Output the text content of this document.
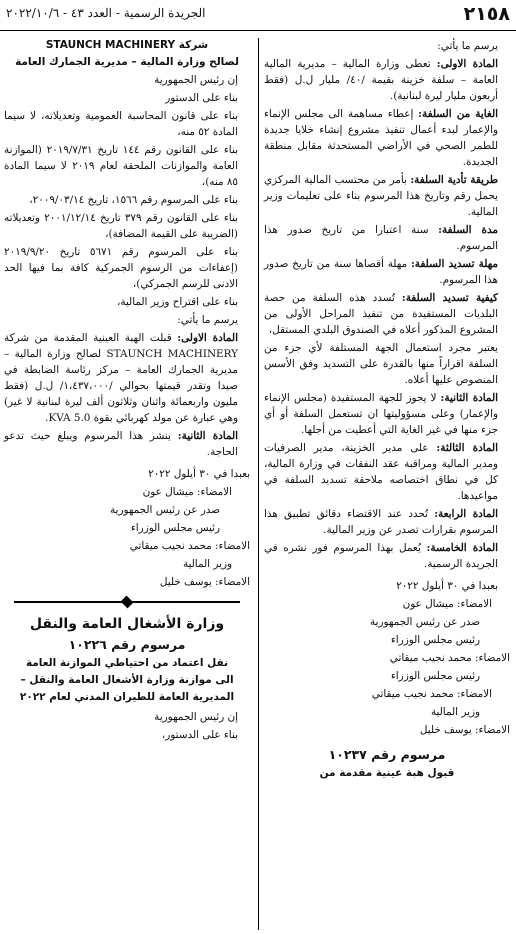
٢١٥٨
الجريدة الرسمية - العدد ٤٣ - ٢٠٢٢/١٠/٦

يرسم ما يأتي:

المادة الاولى: تعطى وزارة المالية – مديرية المالية العامة – سلفة خزينة بقيمة /٤٠/ مليار ل.ل (فقط أربعون مليار ليرة لبنانية).

الغاية من السلفة: إعطاء مساهمة الى مجلس الإنماء والإعمار لبدء أعمال تنفيذ مشروع إنشاء خلايا جديدة للطمر الصحي في الأراضي المستحدثة مقابل منطقة الجديدة.

طريقة تأدية السلفة: بأمر من محتسب المالية المركزي يحمل رقم وتاريخ هذا المرسوم بناء على تعليمات وزير المالية.

مدة السلفة: سنة اعتبارا من تاريخ صدور هذا المرسوم.

مهلة تسديد السلفة: مهلة أقصاها سنة من تاريخ صدور هذا المرسوم.

كيفية تسديد السلفة: تُسدد هذه السلفة من حصة البلديات المستفيدة من تنفيذ المراحل الأولى من المشروع المذكور أعلاه في الصندوق البلدي المستقل،

يعتبر مجرد استعمال الجهة المستلفة لأي جزء من السلفة اقراراً منها بالقدرة على التسديد وفق الأسس المنصوص عليها أعلاه.

المادة الثانية: لا يجوز للجهة المستفيدة (مجلس الإنماء والإعمار) وعلى مسؤوليتها ان تستعمل السلفة أو أي جزء منها في غير الغاية التي أعطيت من أجلها.

المادة الثالثة: على مدير الخزينة، مدير الصرفيات ومدير المالية ومراقبة عقد النفقات في وزارة المالية، كل في نطاق اختصاصه ملاحقة تسديد السلفة في مواعيدها.

المادة الرابعة: تُحدد عند الاقتضاء دقائق تطبيق هذا المرسوم بقرارات تصدر عن وزير المالية.

المادة الخامسة: يُعمل بهذا المرسوم فور نشره في الجريدة الرسمية.

بعبدا في ٣٠ أيلول ٢٠٢٢

الامضاء: ميشال عون

صدر عن رئيس الجمهورية

رئيس مجلس الوزراء

الامضاء: محمد نجيب ميقاتي

رئيس مجلس الوزراء

الامضاء: محمد نجيب ميقاتي

وزير المالية

الامضاء: يوسف خليل

مرسوم رقم ١٠٢٣٧

قبول هبة عينية مقدمة من

شركة STAUNCH MACHINERY

لصالح وزارة المالية – مديرية الجمارك العامة

إن رئيس الجمهورية

بناء على الدستور

بناء على قانون المحاسبة العمومية وتعديلاته، لا سيما المادة ٥٢ منه،

بناء على القانون رقم ١٤٤ تاريخ ٢٠١٩/٧/٣١ (الموازنة العامة والموازنات الملحقة لعام ٢٠١٩ لا سيما المادة ٨٥ منه)،

بناء على المرسوم رقم ١٥٦٦، تاريخ ٢٠٠٩/٠٣/١٤،

بناء على القانون رقم ٣٧٩ تاريخ ٢٠٠١/١٢/١٤ وتعديلاته (الضريبة على القيمة المضافة)،

بناء على المرسوم رقم ٥٦٧١ تاريخ ٢٠١٩/٩/٢٠ (إعفاءات من الرسوم الجمركية كافة بما فيها الحد الادنى للرسم الجمركي)،

بناء على اقتراح وزير المالية،

يرسم ما يأتي:

المادة الاولى: قبلت الهبة العينية المقدمة من شركة STAUNCH MACHINERY لصالح وزارة المالية – مديرية الجمارك العامة – مركز رئاسة الضابطة في صيدا وتقدر قيمتها بحوالي /١،٤٣٧،٠٠٠/ ل.ل (فقط مليون واربعمائة واثنان وثلاثون ألف ليرة لبنانية لا غير) وهي عبارة عن مولد كهربائي بقوة 5.0 KVA.

المادة الثانية: ينشر هذا المرسوم ويبلغ حيث تدعو الحاجة.

بعبدا في ٣٠ أيلول ٢٠٢٢

الامضاء: ميشال عون

صدر عن رئيس الجمهورية

رئيس مجلس الوزراء

الامضاء: محمد نجيب ميقاتي

وزير المالية

الامضاء: يوسف خليل

وزارة الأشغال العامة والنقل

مرسوم رقم ١٠٢٢٦

نقل اعتماد من احتياطي الموازنة العامة

الى موازنة وزارة الأشغال العامة والنقل –

المديرية العامة للطيران المدني لعام ٢٠٢٢

إن رئيس الجمهورية

بناء على الدستور،
